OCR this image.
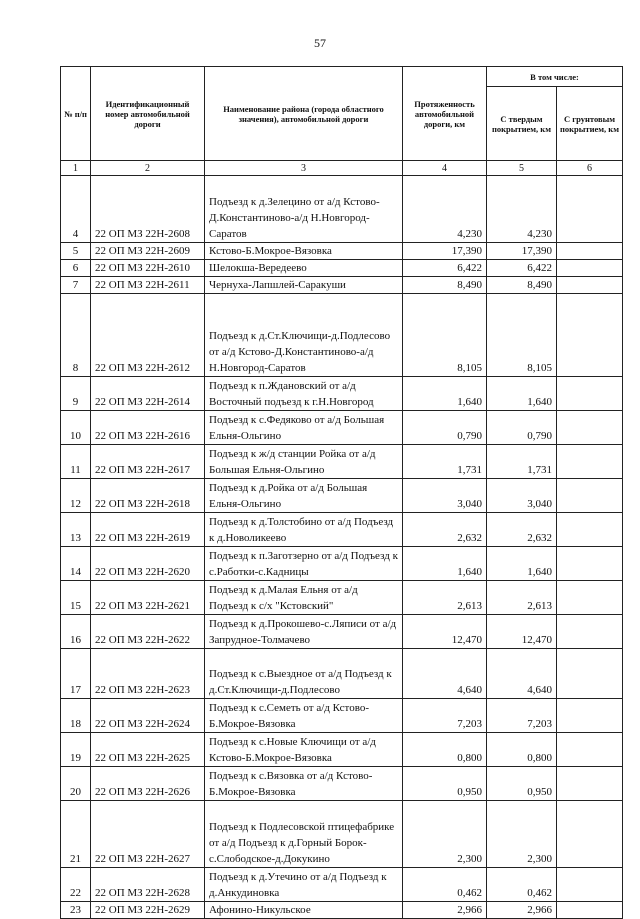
57
№ п/п	Идентификационный номер автомобильной дороги	Наименование района (города областного значения), автомобильной дороги	Протяженность автомобильной дороги, км	В том числе:	
				С твердым покрытием, км	С грунтовым покрытием, км
1	2	3	4	5	6
4	22 ОП МЗ 22Н-2608	Подъезд к д.Зелецино от а/д Кстово-Д.Константиново-а/д Н.Новгород-Саратов	4,230	4,230	
5	22 ОП МЗ 22Н-2609	Кстово-Б.Мокрое-Вязовка	17,390	17,390	
6	22 ОП МЗ 22Н-2610	Шелокша-Вередеево	6,422	6,422	
7	22 ОП МЗ 22Н-2611	Чернуха-Лапшлей-Саракуши	8,490	8,490	
8	22 ОП МЗ 22Н-2612	Подъезд к д.Ст.Ключищи-д.Подлесово от а/д Кстово-Д.Константиново-а/д Н.Новгород-Саратов	8,105	8,105	
9	22 ОП МЗ 22Н-2614	Подъезд к п.Ждановский от а/д Восточный подъезд к г.Н.Новгород	1,640	1,640	
10	22 ОП МЗ 22Н-2616	Подъезд к с.Федяково от а/д Большая Ельня-Ольгино	0,790	0,790	
11	22 ОП МЗ 22Н-2617	Подъезд к ж/д станции Ройка от а/д Большая Ельня-Ольгино	1,731	1,731	
12	22 ОП МЗ 22Н-2618	Подъезд к д.Ройка от а/д Большая Ельня-Ольгино	3,040	3,040	
13	22 ОП МЗ 22Н-2619	Подъезд к д.Толстобино от а/д Подъезд к д.Новоликеево	2,632	2,632	
14	22 ОП МЗ 22Н-2620	Подъезд к п.Заготзерно от а/д Подъезд к с.Работки-с.Кадницы	1,640	1,640	
15	22 ОП МЗ 22Н-2621	Подъезд к д.Малая Ельня от а/д Подъезд к с/х "Кстовский"	2,613	2,613	
16	22 ОП МЗ 22Н-2622	Подъезд к д.Прокошево-с.Ляписи от а/д Запрудное-Толмачево	12,470	12,470	
17	22 ОП МЗ 22Н-2623	Подъезд к с.Выездное от а/д Подъезд к д.Ст.Ключищи-д.Подлесово	4,640	4,640	
18	22 ОП МЗ 22Н-2624	Подъезд к с.Семеть от а/д Кстово-Б.Мокрое-Вязовка	7,203	7,203	
19	22 ОП МЗ 22Н-2625	Подъезд к с.Новые Ключищи от а/д Кстово-Б.Мокрое-Вязовка	0,800	0,800	
20	22 ОП МЗ 22Н-2626	Подъезд к с.Вязовка от а/д Кстово-Б.Мокрое-Вязовка	0,950	0,950	
21	22 ОП МЗ 22Н-2627	Подъезд к Подлесовской птицефабрике от а/д Подъезд к д.Горный Борок-с.Слободское-д.Докукино	2,300	2,300	
22	22 ОП МЗ 22Н-2628	Подъезд к д.Утечино от а/д Подъезд к д.Анкудиновка	0,462	0,462	
23	22 ОП МЗ 22Н-2629	Афонино-Никульское	2,966	2,966	
